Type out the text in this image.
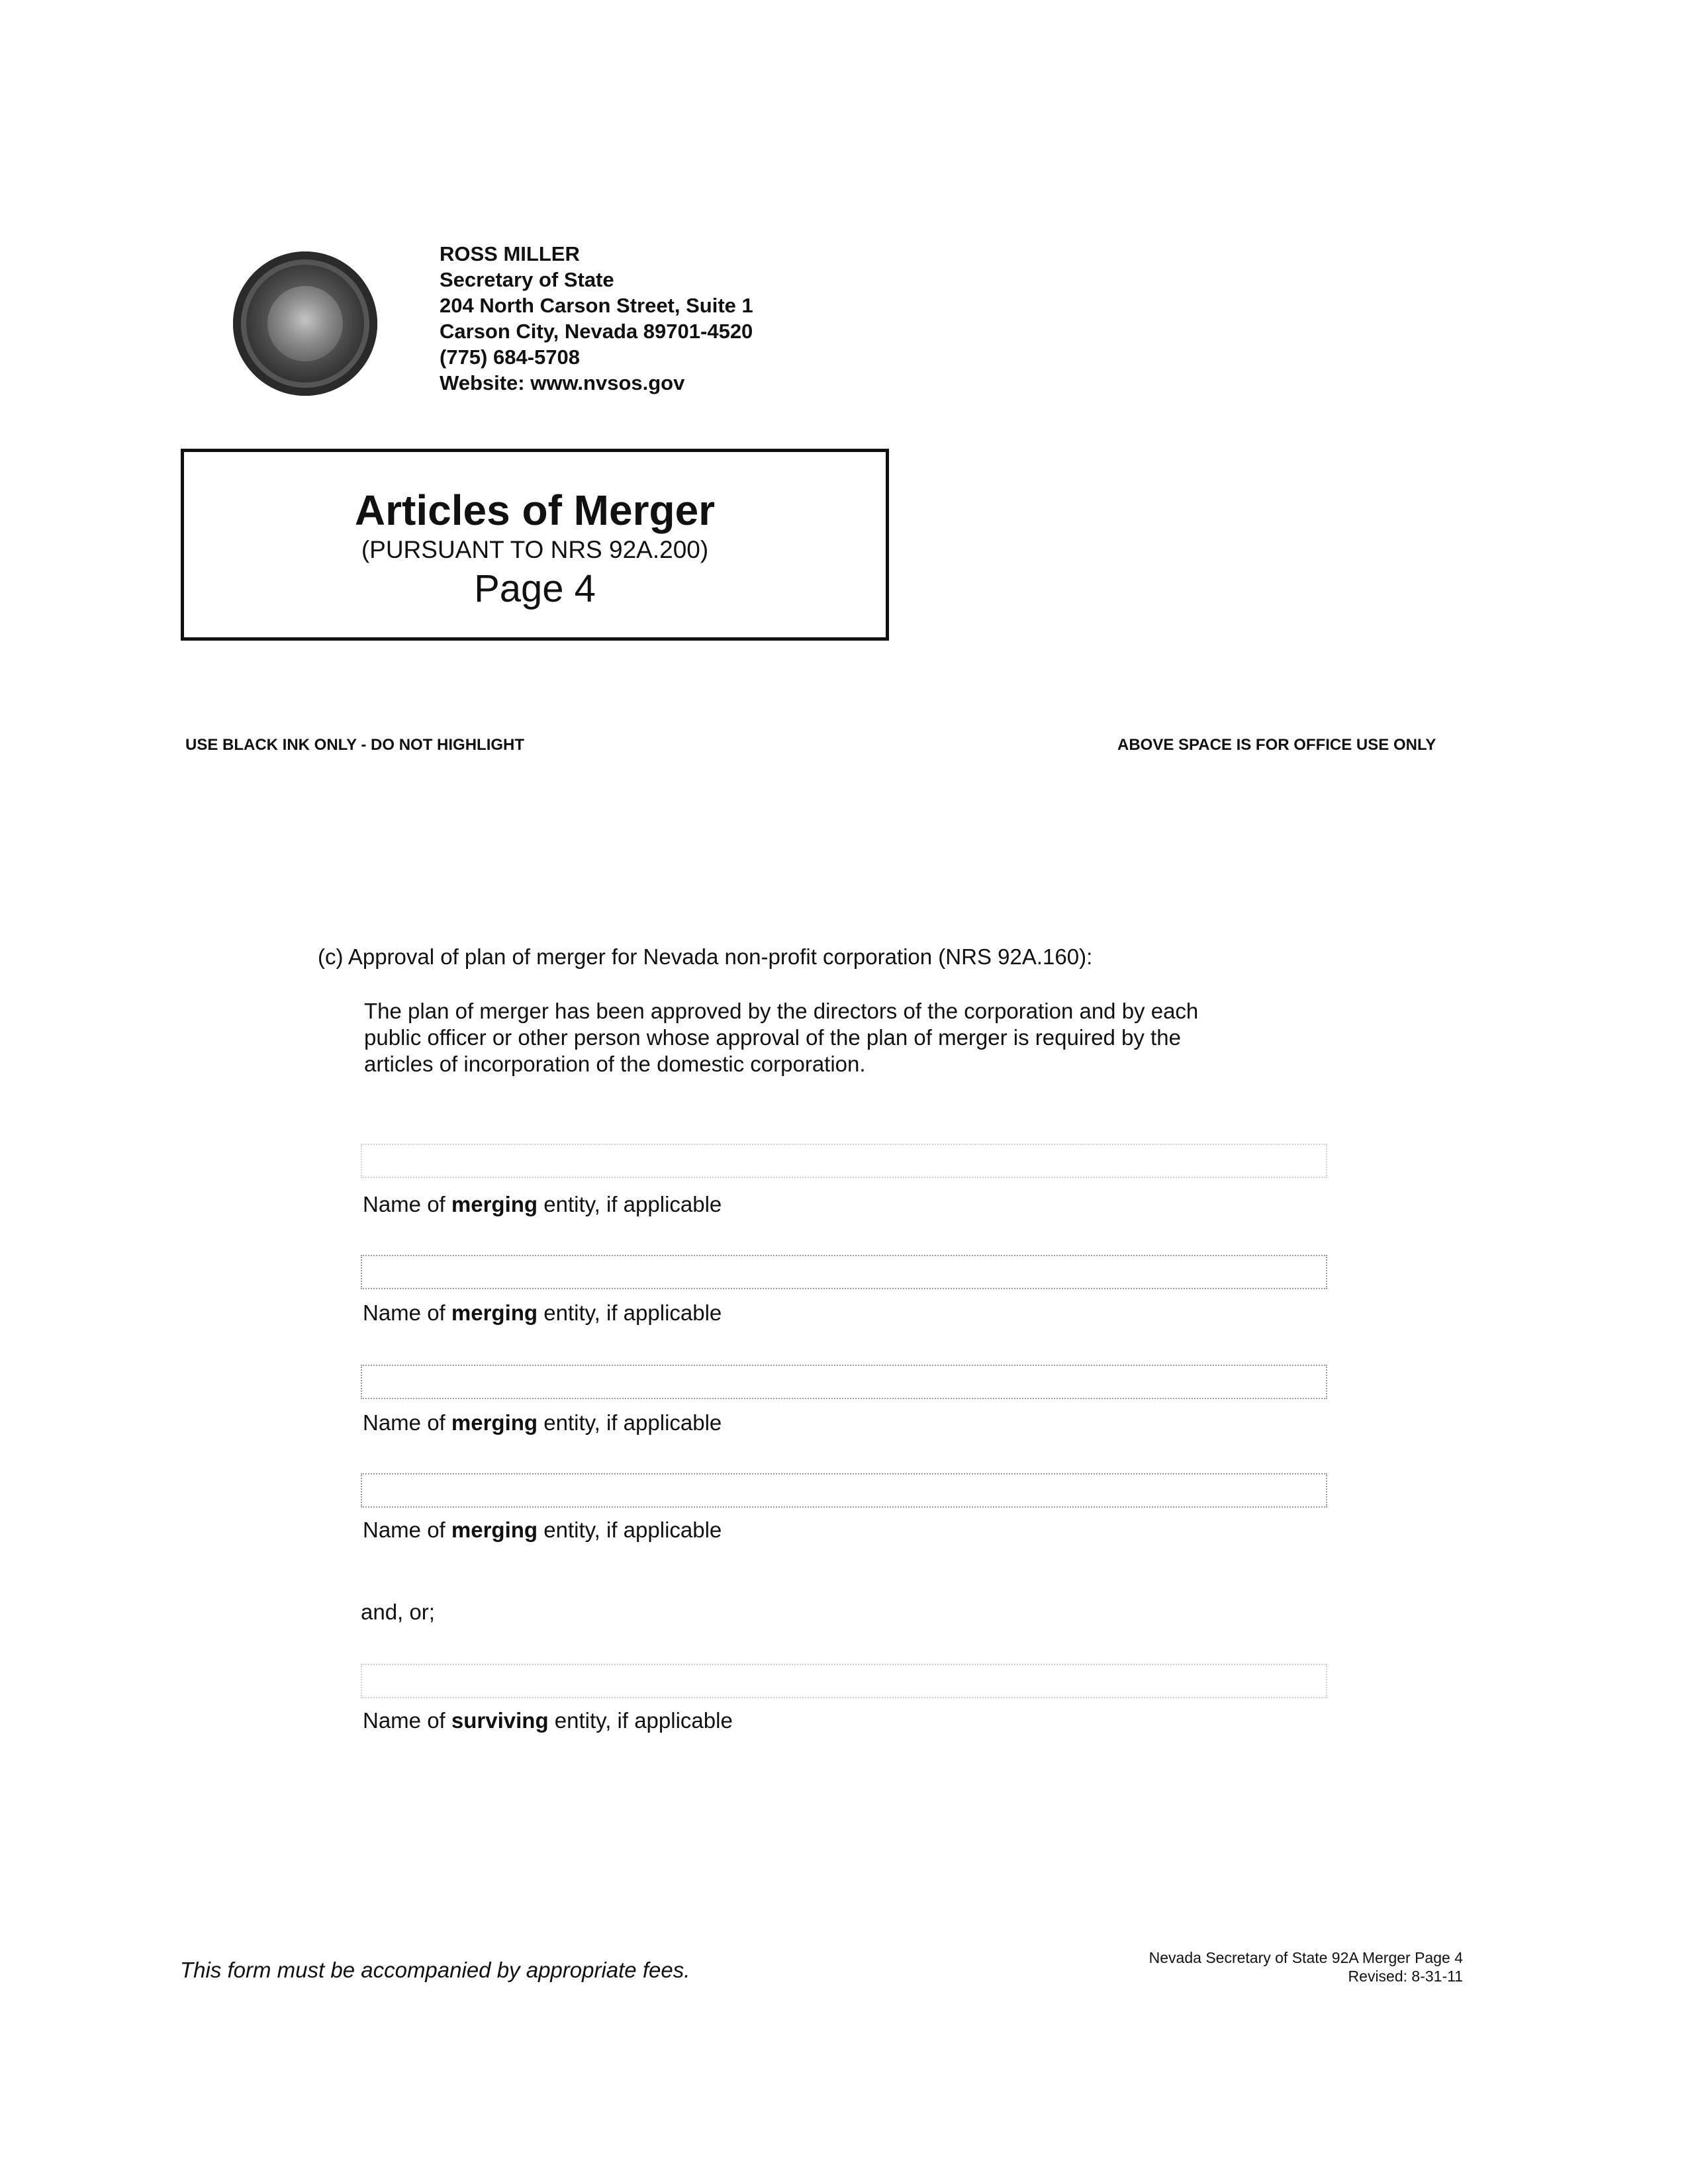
ROSS MILLER
Secretary of State
204 North Carson Street, Suite 1
Carson City, Nevada 89701-4520
(775) 684-5708
Website: www.nvsos.gov
Articles of Merger
(PURSUANT TO NRS 92A.200)
Page 4
USE BLACK INK ONLY - DO NOT HIGHLIGHT	ABOVE SPACE IS FOR OFFICE USE ONLY
(c) Approval of plan of merger for Nevada non-profit corporation (NRS 92A.160):
The plan of merger has been approved by the directors of the corporation and by each
public officer or other person whose approval of the plan of merger is required by the
articles of incorporation of the domestic corporation.
Name of merging entity, if applicable
Name of merging entity, if applicable
Name of merging entity, if applicable
Name of merging entity, if applicable
and, or;
Name of surviving entity, if applicable
This form must be accompanied by appropriate fees.	Nevada Secretary of State 92A Merger Page 4
Revised: 8-31-11
